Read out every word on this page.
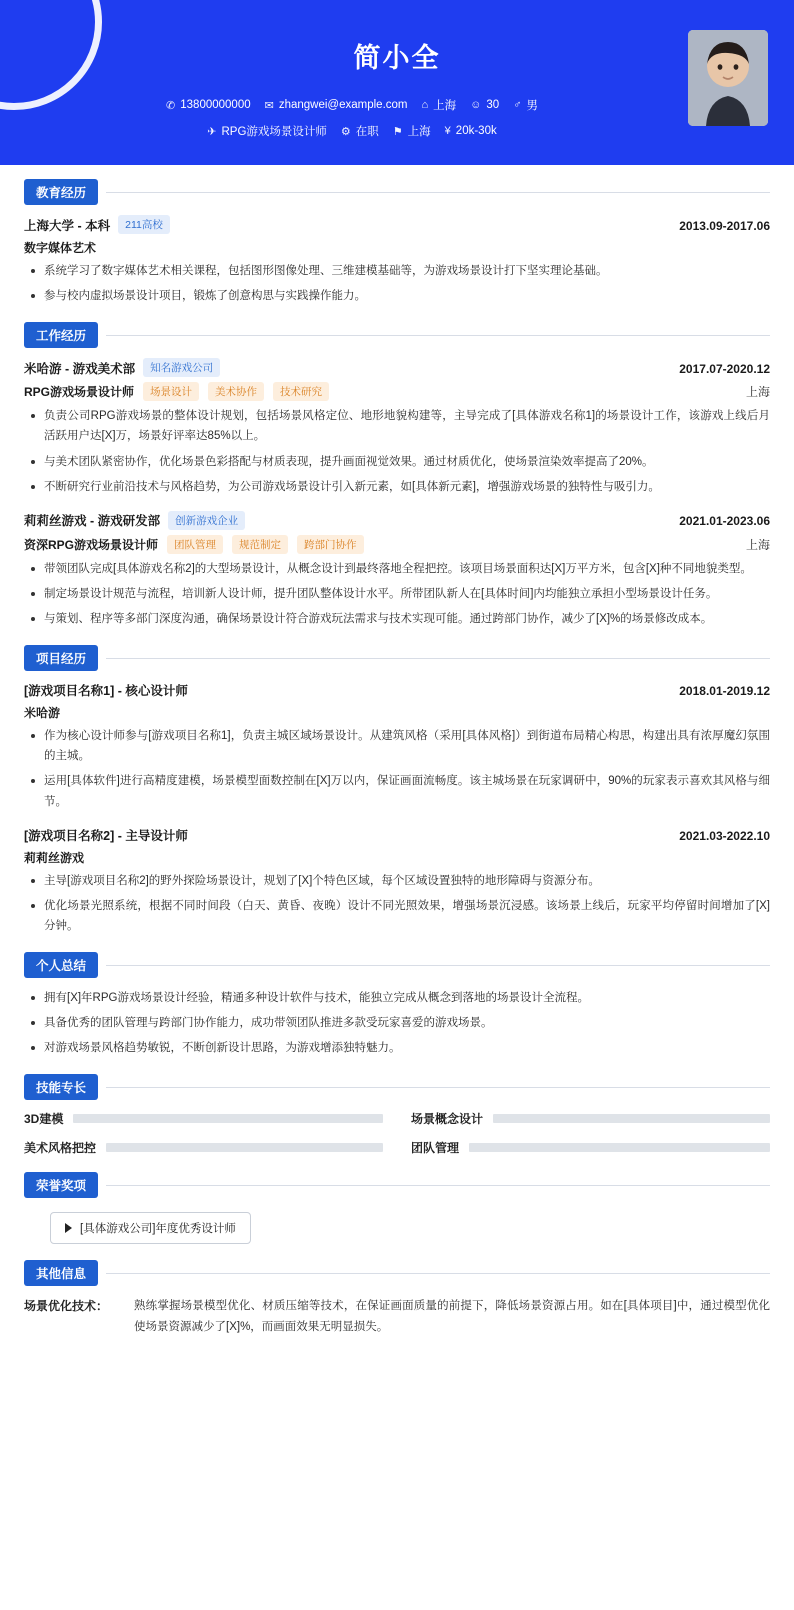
简小全
✆ 13800000000 ✉ zhangwei@example.com ⌂ 上海 ☺ 30 ♂ 男
✈ RPG游戏场景设计师 ⚙ 在职 ⚑ 上海 ¥ 20k-30k
教育经历
上海大学 - 本科	211高校	2013.09-2017.06
数字媒体艺术
系统学习了数字媒体艺术相关课程，包括图形图像处理、三维建模基础等，为游戏场景设计打下坚实理论基础。
参与校内虚拟场景设计项目，锻炼了创意构思与实践操作能力。
工作经历
米哈游 - 游戏美术部	知名游戏公司	2017.07-2020.12
RPG游戏场景设计师	场景设计	美术协作	技术研究	上海
负责公司RPG游戏场景的整体设计规划，包括场景风格定位、地形地貌构建等，主导完成了[具体游戏名称1]的场景设计工作，该游戏上线后月活跃用户达[X]万，场景好评率达85%以上。
与美术团队紧密协作，优化场景色彩搭配与材质表现，提升画面视觉效果。通过材质优化，使场景渲染效率提高了20%。
不断研究行业前沿技术与风格趋势，为公司游戏场景设计引入新元素，如[具体新元素]，增强游戏场景的独特性与吸引力。
莉莉丝游戏 - 游戏研发部	创新游戏企业	2021.01-2023.06
资深RPG游戏场景设计师	团队管理	规范制定	跨部门协作	上海
带领团队完成[具体游戏名称2]的大型场景设计，从概念设计到最终落地全程把控。该项目场景面积达[X]万平方米，包含[X]种不同地貌类型。
制定场景设计规范与流程，培训新人设计师，提升团队整体设计水平。所带团队新人在[具体时间]内均能独立承担小型场景设计任务。
与策划、程序等多部门深度沟通，确保场景设计符合游戏玩法需求与技术实现可能。通过跨部门协作，减少了[X]%的场景修改成本。
项目经历
[游戏项目名称1] - 核心设计师	2018.01-2019.12
米哈游
作为核心设计师参与[游戏项目名称1]，负责主城区域场景设计。从建筑风格（采用[具体风格]）到街道布局精心构思，构建出具有浓厚魔幻氛围的主城。
运用[具体软件]进行高精度建模，场景模型面数控制在[X]万以内，保证画面流畅度。该主城场景在玩家调研中，90%的玩家表示喜欢其风格与细节。
[游戏项目名称2] - 主导设计师	2021.03-2022.10
莉莉丝游戏
主导[游戏项目名称2]的野外探险场景设计，规划了[X]个特色区域，每个区域设置独特的地形障碍与资源分布。
优化场景光照系统，根据不同时间段（白天、黄昏、夜晚）设计不同光照效果，增强场景沉浸感。该场景上线后，玩家平均停留时间增加了[X]分钟。
个人总结
拥有[X]年RPG游戏场景设计经验，精通多种设计软件与技术，能独立完成从概念到落地的场景设计全流程。
具备优秀的团队管理与跨部门协作能力，成功带领团队推进多款受玩家喜爱的游戏场景。
对游戏场景风格趋势敏锐，不断创新设计思路，为游戏增添独特魅力。
技能专长
3D建模	场景概念设计
美术风格把控	团队管理
荣誉奖项
[具体游戏公司]年度优秀设计师
其他信息
场景优化技术： 熟练掌握场景模型优化、材质压缩等技术，在保证画面质量的前提下，降低场景资源占用。如在[具体项目]中，通过模型优化使场景资源减少了[X]%，而画面效果无明显损失。
